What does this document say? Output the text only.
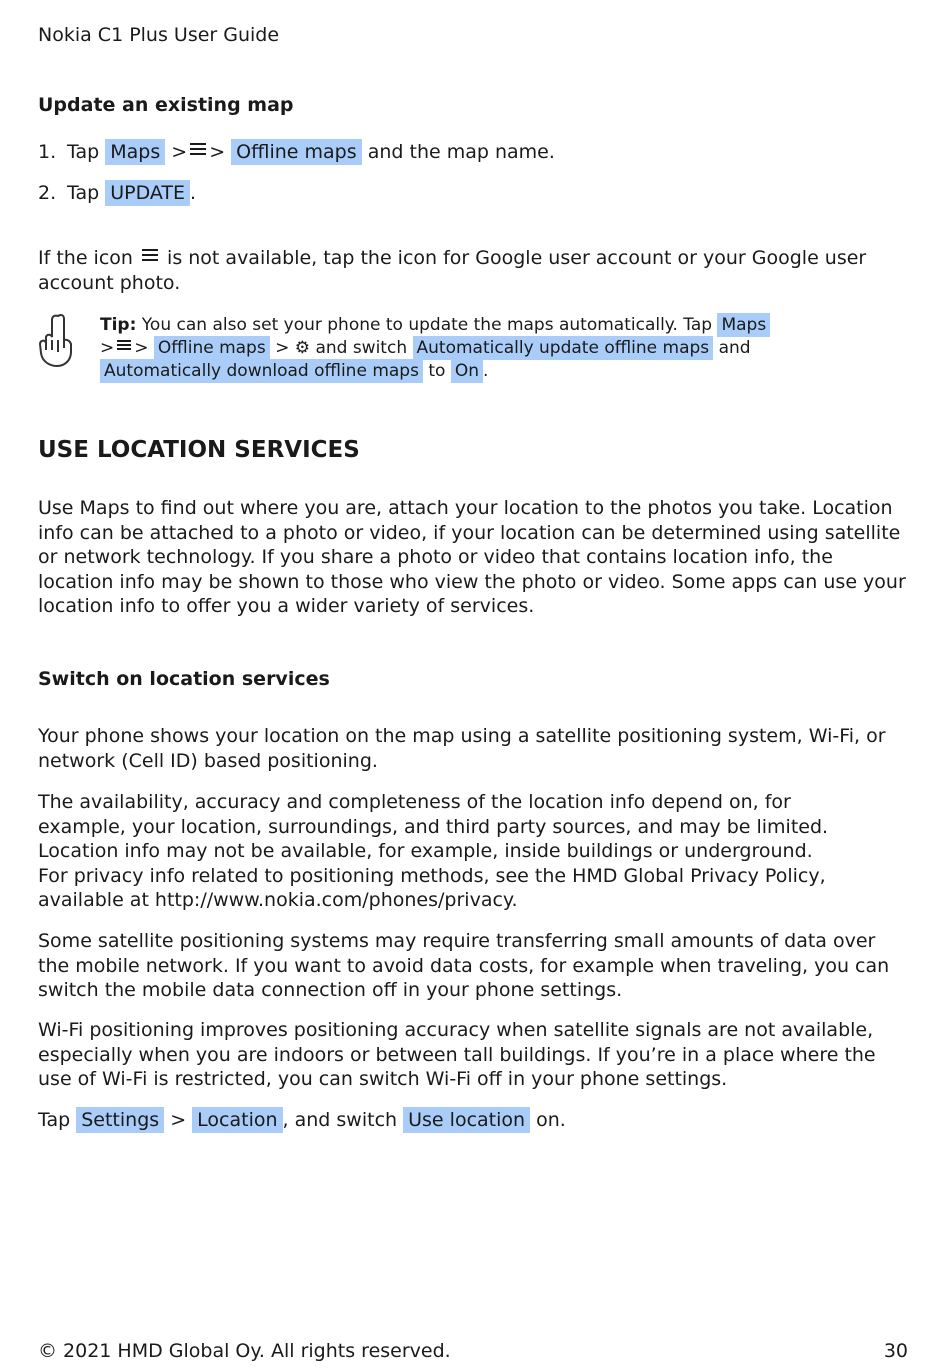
Nokia C1 Plus User Guide
Update an existing map
1. Tap Maps > > Offline maps and the map name.
2. Tap UPDATE .
If the icon is not available, tap the icon for Google user account or your Google user account photo.
Tip: You can also set your phone to update the maps automatically. Tap Maps
> > Offline maps > ⚙ and switch Automatically update offline maps and
Automatically download offline maps to On .
USE LOCATION SERVICES
Use Maps to find out where you are, attach your location to the photos you take. Location info can be attached to a photo or video, if your location can be determined using satellite or network technology. If you share a photo or video that contains location info, the location info may be shown to those who view the photo or video. Some apps can use your location info to offer you a wider variety of services.
Switch on location services
Your phone shows your location on the map using a satellite positioning system, Wi-Fi, or network (Cell ID) based positioning.
The availability, accuracy and completeness of the location info depend on, for example, your location, surroundings, and third party sources, and may be limited. Location info may not be available, for example, inside buildings or underground. For privacy info related to positioning methods, see the HMD Global Privacy Policy, available at http://www.nokia.com/phones/privacy.
Some satellite positioning systems may require transferring small amounts of data over the mobile network. If you want to avoid data costs, for example when traveling, you can switch the mobile data connection off in your phone settings.
Wi-Fi positioning improves positioning accuracy when satellite signals are not available, especially when you are indoors or between tall buildings. If you’re in a place where the use of Wi-Fi is restricted, you can switch Wi-Fi off in your phone settings.
Tap Settings > Location , and switch Use location on.
© 2021 HMD Global Oy. All rights reserved.	30
